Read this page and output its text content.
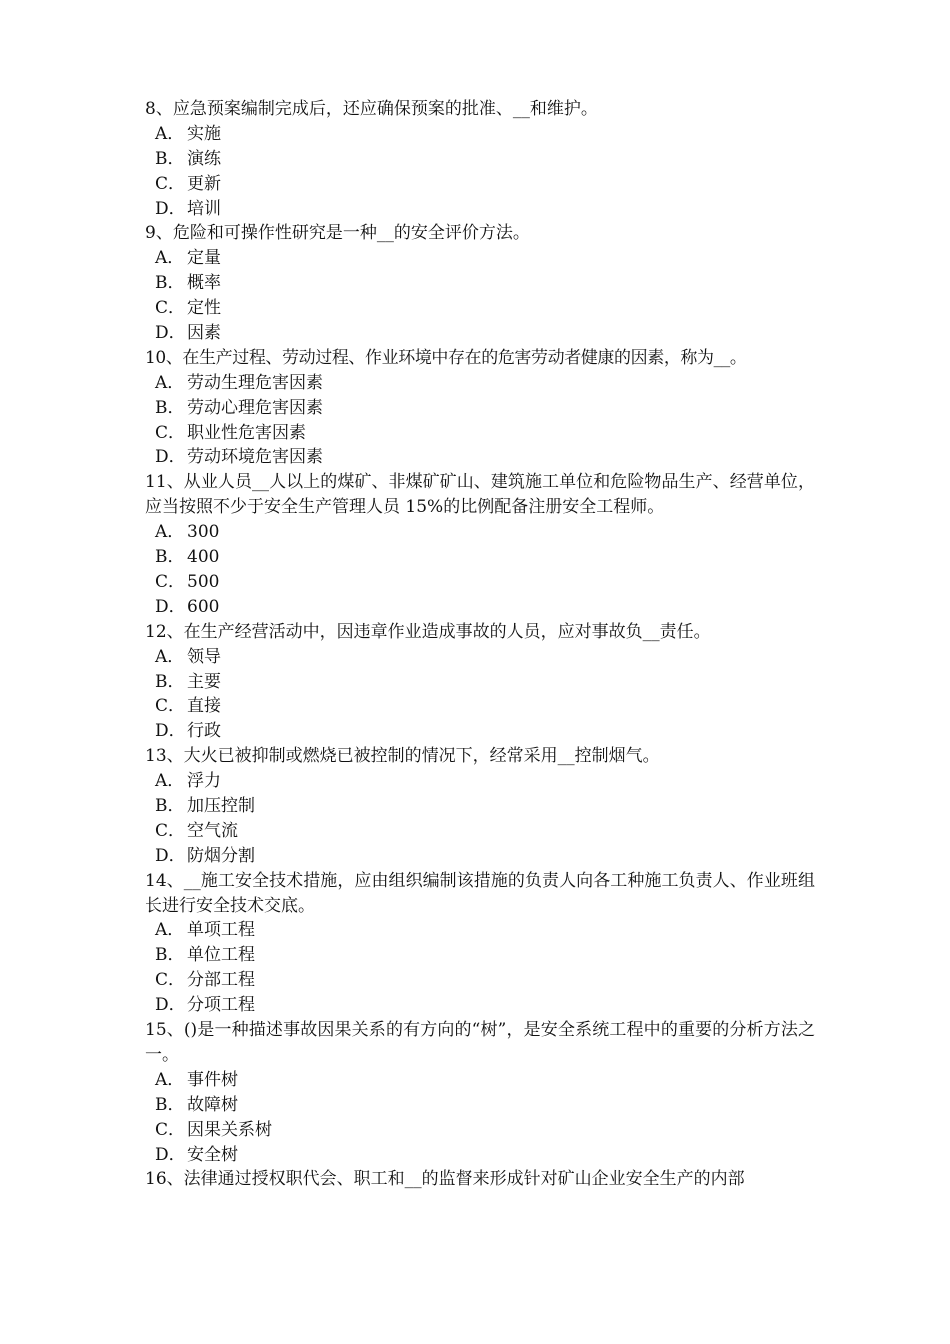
8、应急预案编制完成后，还应确保预案的批准、__和维护。
A． 实施
B． 演练
C． 更新
D．培训
9、危险和可操作性研究是一种__的安全评价方法。
A． 定量
B． 概率
C． 定性
D．因素
10、在生产过程、劳动过程、作业环境中存在的危害劳动者健康的因素，称为__。
A． 劳动生理危害因素
B． 劳动心理危害因素
C． 职业性危害因素
D．劳动环境危害因素
11、从业人员__人以上的煤矿、非煤矿矿山、建筑施工单位和危险物品生产、经营单位，应当按照不少于安全生产管理人员 15%的比例配备注册安全工程师。
A． 300
B． 400
C． 500
D．600
12、在生产经营活动中，因违章作业造成事故的人员，应对事故负__责任。
A． 领导
B． 主要
C． 直接
D．行政
13、大火已被抑制或燃烧已被控制的情况下，经常采用__控制烟气。
A． 浮力
B． 加压控制
C． 空气流
D．防烟分割
14、__施工安全技术措施，应由组织编制该措施的负责人向各工种施工负责人、作业班组长进行安全技术交底。
A． 单项工程
B． 单位工程
C． 分部工程
D．分项工程
15、()是一种描述事故因果关系的有方向的“树”，是安全系统工程中的重要的分析方法之一。
A． 事件树
B． 故障树
C． 因果关系树
D．安全树
16、法律通过授权职代会、职工和__的监督来形成针对矿山企业安全生产的内部
